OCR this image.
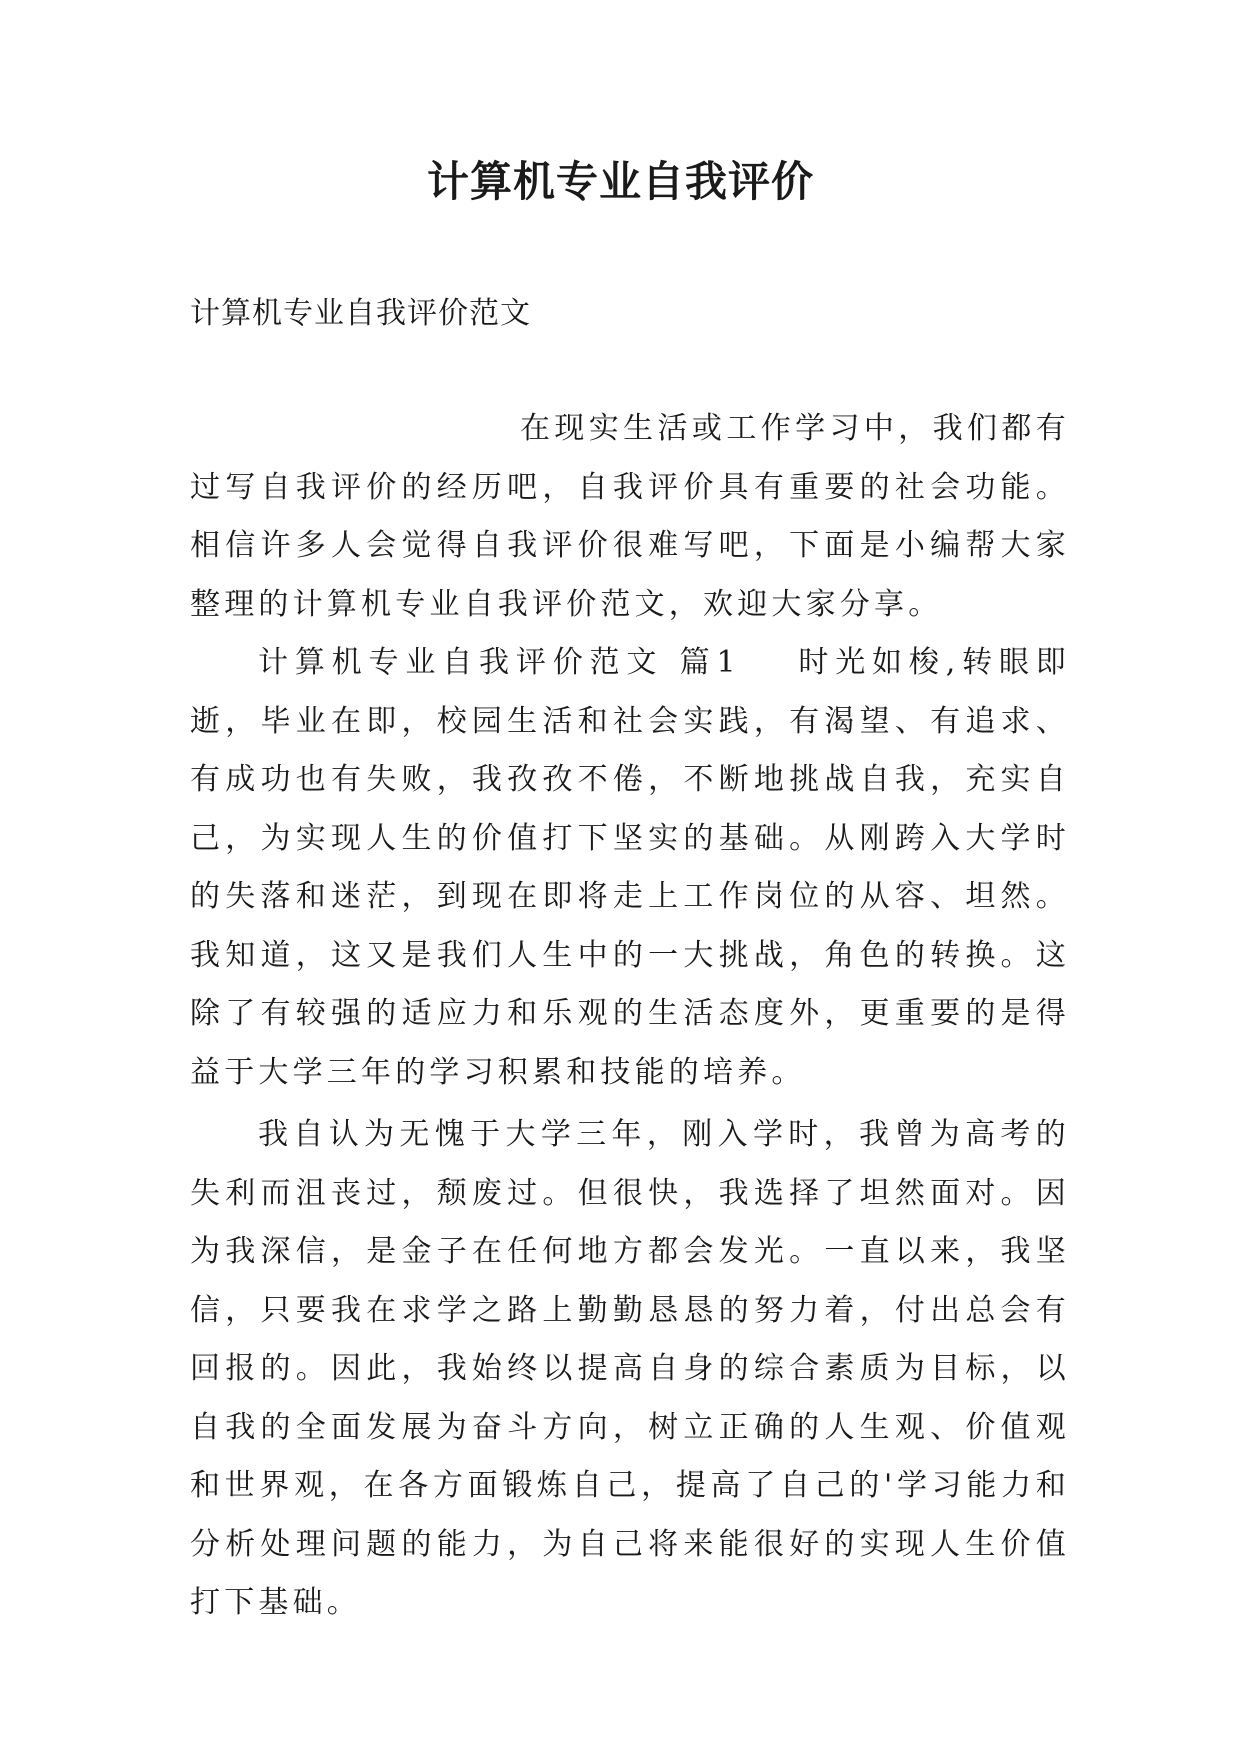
计算机专业自我评价

计算机专业自我评价范文

在现实生活或工作学习中，我们都有过写自我评价的经历吧，自我评价具有重要的社会功能。相信许多人会觉得自我评价很难写吧，下面是小编帮大家整理的计算机专业自我评价范文，欢迎大家分享。

计算机专业自我评价范文 篇1 时光如梭,转眼即逝，毕业在即，校园生活和社会实践，有渴望、有追求、有成功也有失败，我孜孜不倦，不断地挑战自我，充实自己，为实现人生的价值打下坚实的基础。从刚跨入大学时的失落和迷茫，到现在即将走上工作岗位的从容、坦然。我知道，这又是我们人生中的一大挑战，角色的转换。这除了有较强的适应力和乐观的生活态度外，更重要的是得益于大学三年的学习积累和技能的培养。

我自认为无愧于大学三年，刚入学时，我曾为高考的失利而沮丧过，颓废过。但很快，我选择了坦然面对。因为我深信，是金子在任何地方都会发光。一直以来，我坚信，只要我在求学之路上勤勤恳恳的努力着，付出总会有回报的。因此，我始终以提高自身的综合素质为目标，以自我的全面发展为奋斗方向，树立正确的人生观、价值观和世界观，在各方面锻炼自己，提高了自己的'学习能力和分析处理问题的能力，为自己将来能很好的实现人生价值打下基础。
